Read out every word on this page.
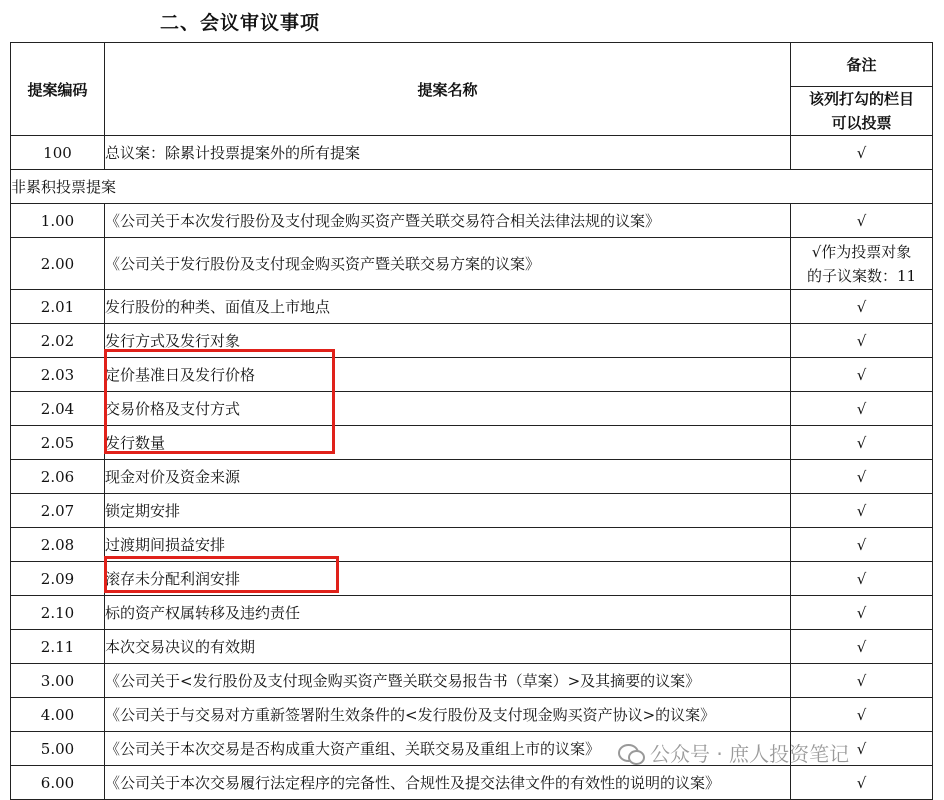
二、会议审议事项
提案编码	提案名称	备注

		该列打勾的栏目
可以投票

100	总议案：除累计投票提案外的所有提案	√
非累积投票提案		
1.00	《公司关于本次发行股份及支付现金购买资产暨关联交易符合相关法律法规的议案》	√
2.00	《公司关于发行股份及支付现金购买资产暨关联交易方案的议案》	√作为投票对象
的子议案数：11

2.01	发行股份的种类、面值及上市地点	√
2.02	发行方式及发行对象	√
2.03	定价基准日及发行价格	√
2.04	交易价格及支付方式	√
2.05	发行数量	√
2.06	现金对价及资金来源	√
2.07	锁定期安排	√
2.08	过渡期间损益安排	√
2.09	滚存未分配利润安排	√
2.10	标的资产权属转移及违约责任	√
2.11	本次交易决议的有效期	√
3.00	《公司关于<发行股份及支付现金购买资产暨关联交易报告书（草案）>及其摘要的议案》	√
4.00	《公司关于与交易对方重新签署附生效条件的<发行股份及支付现金购买资产协议>的议案》	√
5.00	《公司关于本次交易是否构成重大资产重组、关联交易及重组上市的议案》	√
6.00	《公司关于本次交易履行法定程序的完备性、合规性及提交法律文件的有效性的说明的议案》	√
公众号 · 庶人投资笔记
